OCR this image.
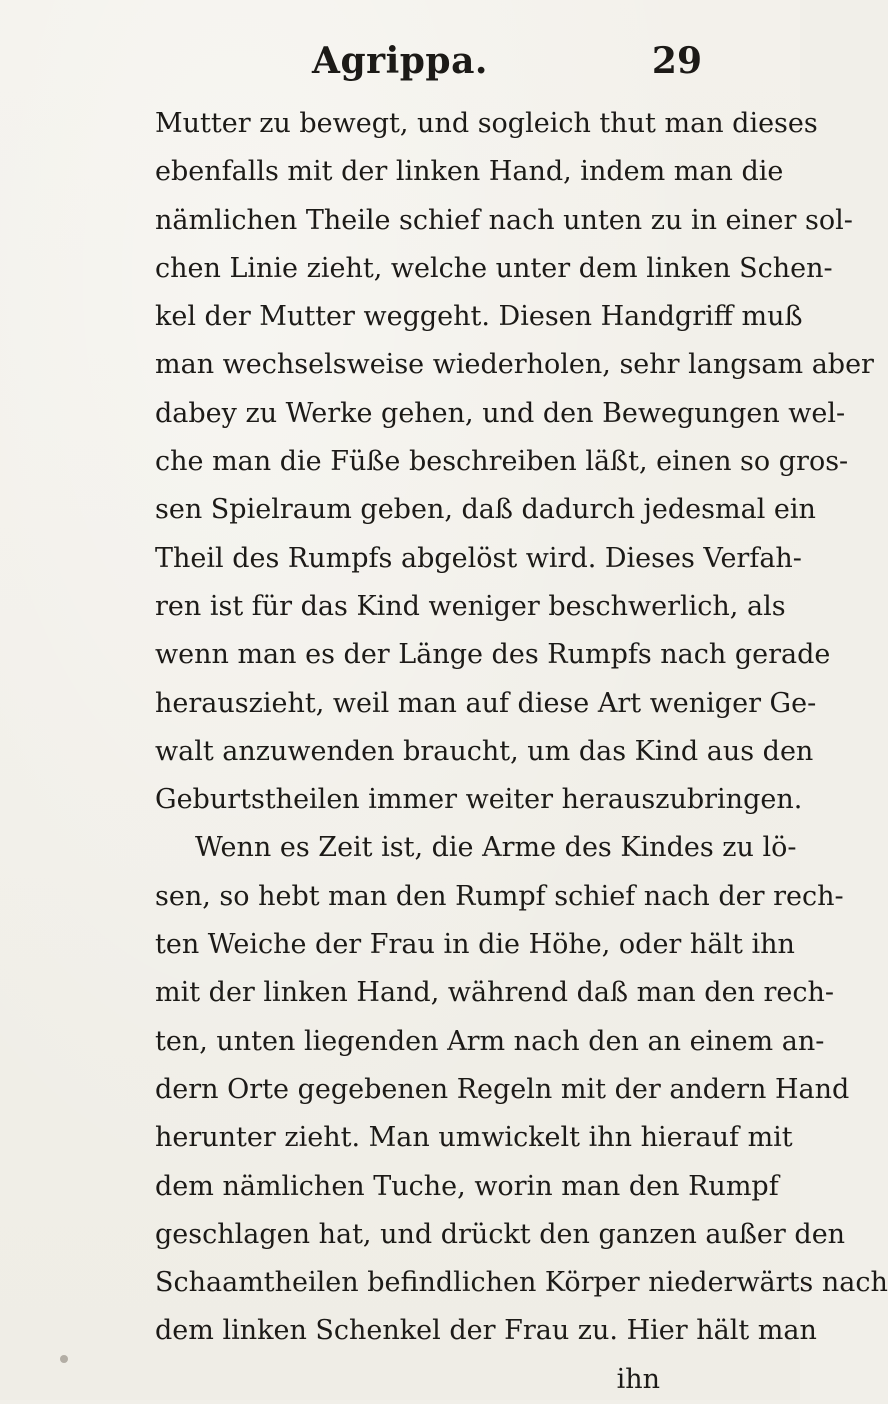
Agrippa.	29
Mutter zu bewegt, und sogleich thut man dieses
ebenfalls mit der linken Hand, indem man die
nämlichen Theile schief nach unten zu in einer sol-
chen Linie zieht, welche unter dem linken Schen-
kel der Mutter weggeht. Diesen Handgriff muß
man wechselsweise wiederholen, sehr langsam aber
dabey zu Werke gehen, und den Bewegungen wel-
che man die Füße beschreiben läßt, einen so gros-
sen Spielraum geben, daß dadurch jedesmal ein
Theil des Rumpfs abgelöst wird. Dieses Verfah-
ren ist für das Kind weniger beschwerlich, als
wenn man es der Länge des Rumpfs nach gerade
herauszieht, weil man auf diese Art weniger Ge-
walt anzuwenden braucht, um das Kind aus den
Geburtstheilen immer weiter herauszubringen.
Wenn es Zeit ist, die Arme des Kindes zu lö-
sen, so hebt man den Rumpf schief nach der rech-
ten Weiche der Frau in die Höhe, oder hält ihn
mit der linken Hand, während daß man den rech-
ten, unten liegenden Arm nach den an einem an-
dern Orte gegebenen Regeln mit der andern Hand
herunter zieht. Man umwickelt ihn hierauf mit
dem nämlichen Tuche, worin man den Rumpf
geschlagen hat, und drückt den ganzen außer den
Schaamtheilen befindlichen Körper niederwärts nach
dem linken Schenkel der Frau zu. Hier hält man
ihn
